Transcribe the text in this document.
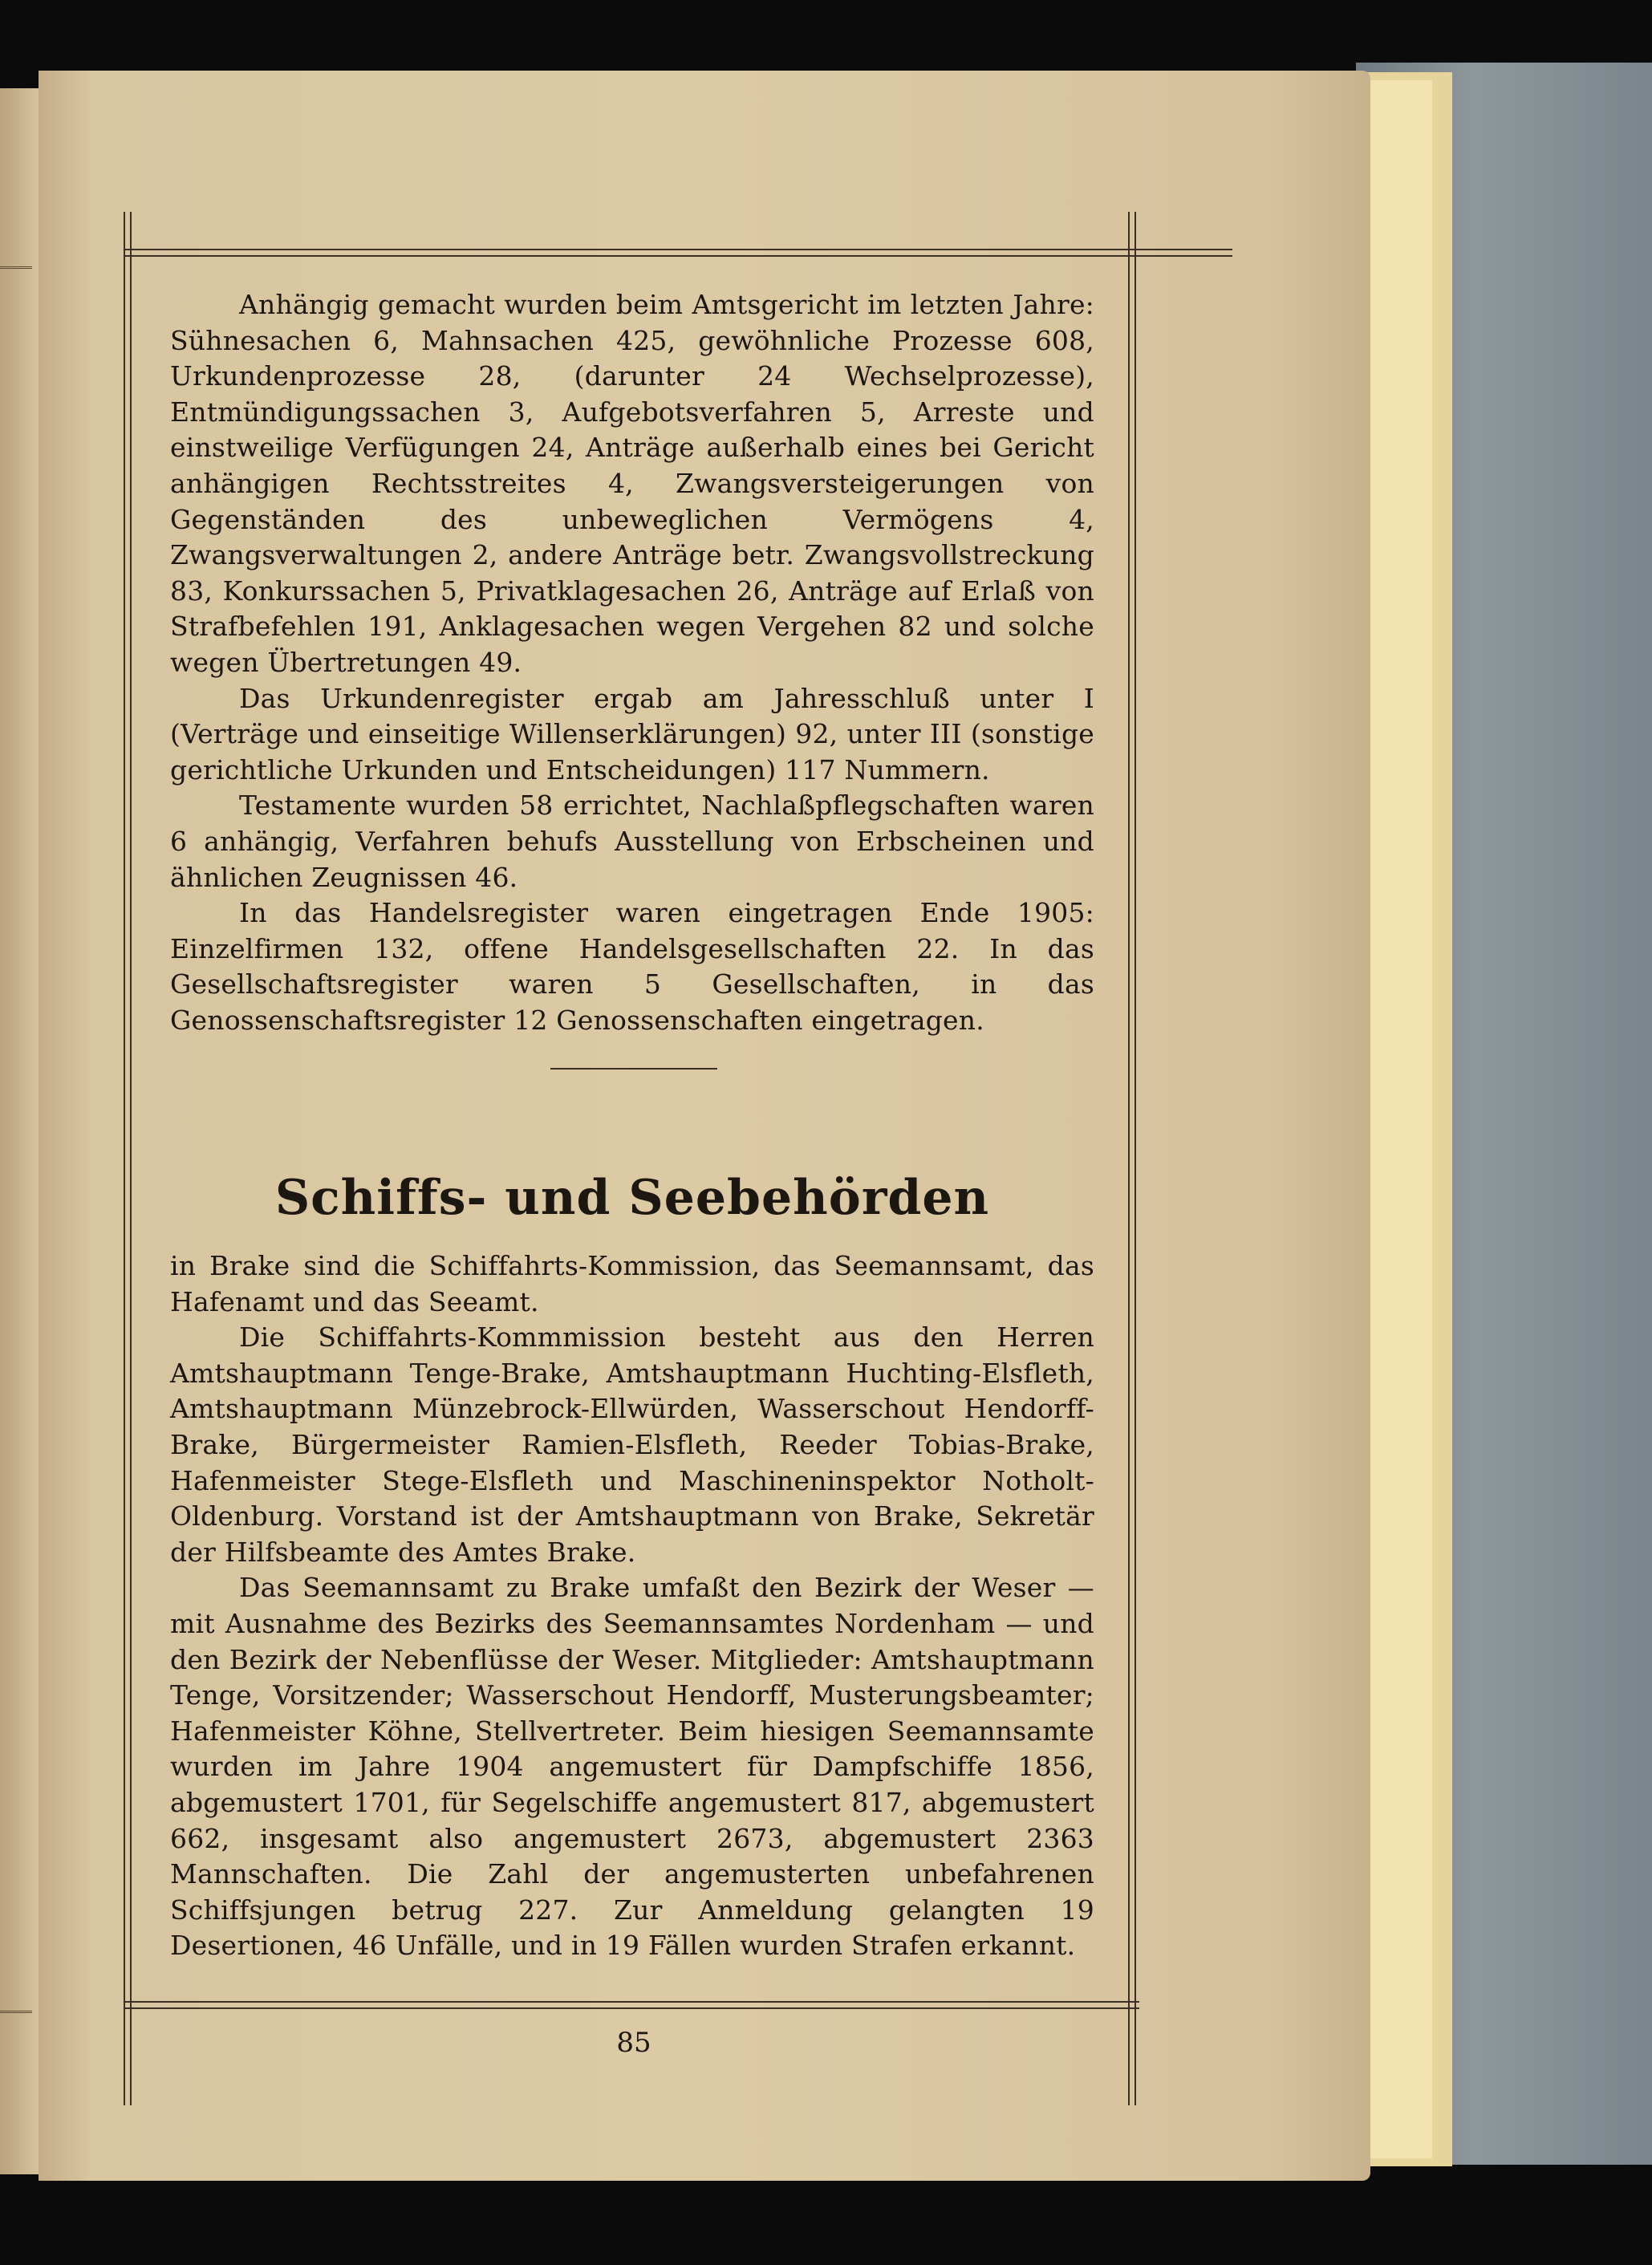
Anhängig gemacht wurden beim Amtsgericht im letzten Jahre: Sühnesachen 6, Mahnsachen 425, gewöhnliche Prozesse 608, Urkundenprozesse 28, (darunter 24 Wechselprozesse), Entmündigungssachen 3, Aufgebotsverfahren 5, Arreste und einstweilige Verfügungen 24, Anträge außerhalb eines bei Gericht anhängigen Rechtsstreites 4, Zwangsversteigerungen von Gegenständen des unbeweglichen Vermögens 4, Zwangsverwaltungen 2, andere Anträge betr. Zwangsvollstreckung 83, Konkurssachen 5, Privatklagesachen 26, Anträge auf Erlaß von Strafbefehlen 191, Anklagesachen wegen Vergehen 82 und solche wegen Übertretungen 49.

Das Urkundenregister ergab am Jahresschluß unter I (Verträge und einseitige Willenserklärungen) 92, unter III (sonstige gerichtliche Urkunden und Entscheidungen) 117 Nummern.

Testamente wurden 58 errichtet, Nachlaßpflegschaften waren 6 anhängig, Verfahren behufs Ausstellung von Erbscheinen und ähnlichen Zeugnissen 46.

In das Handelsregister waren eingetragen Ende 1905: Einzelfirmen 132, offene Handelsgesellschaften 22. In das Gesellschaftsregister waren 5 Gesellschaften, in das Genossenschaftsregister 12 Genossenschaften eingetragen.

Schiffs- und Seebehörden

in Brake sind die Schiffahrts-Kommission, das Seemannsamt, das Hafenamt und das Seeamt.

Die Schiffahrts-Kommmission besteht aus den Herren Amtshauptmann Tenge-Brake, Amtshauptmann Huchting-Elsfleth, Amtshauptmann Münzebrock-Ellwürden, Wasserschout Hendorff-Brake, Bürgermeister Ramien-Elsfleth, Reeder Tobias-Brake, Hafenmeister Stege-Elsfleth und Maschineninspektor Notholt-Oldenburg. Vorstand ist der Amtshauptmann von Brake, Sekretär der Hilfsbeamte des Amtes Brake.

Das Seemannsamt zu Brake umfaßt den Bezirk der Weser — mit Ausnahme des Bezirks des Seemannsamtes Nordenham — und den Bezirk der Nebenflüsse der Weser. Mitglieder: Amtshauptmann Tenge, Vorsitzender; Wasserschout Hendorff, Musterungsbeamter; Hafenmeister Köhne, Stellvertreter. Beim hiesigen Seemannsamte wurden im Jahre 1904 angemustert für Dampfschiffe 1856, abgemustert 1701, für Segelschiffe angemustert 817, abgemustert 662, insgesamt also angemustert 2673, abgemustert 2363 Mannschaften. Die Zahl der angemusterten unbefahrenen Schiffsjungen betrug 227. Zur Anmeldung gelangten 19 Desertionen, 46 Unfälle, und in 19 Fällen wurden Strafen erkannt.

85
